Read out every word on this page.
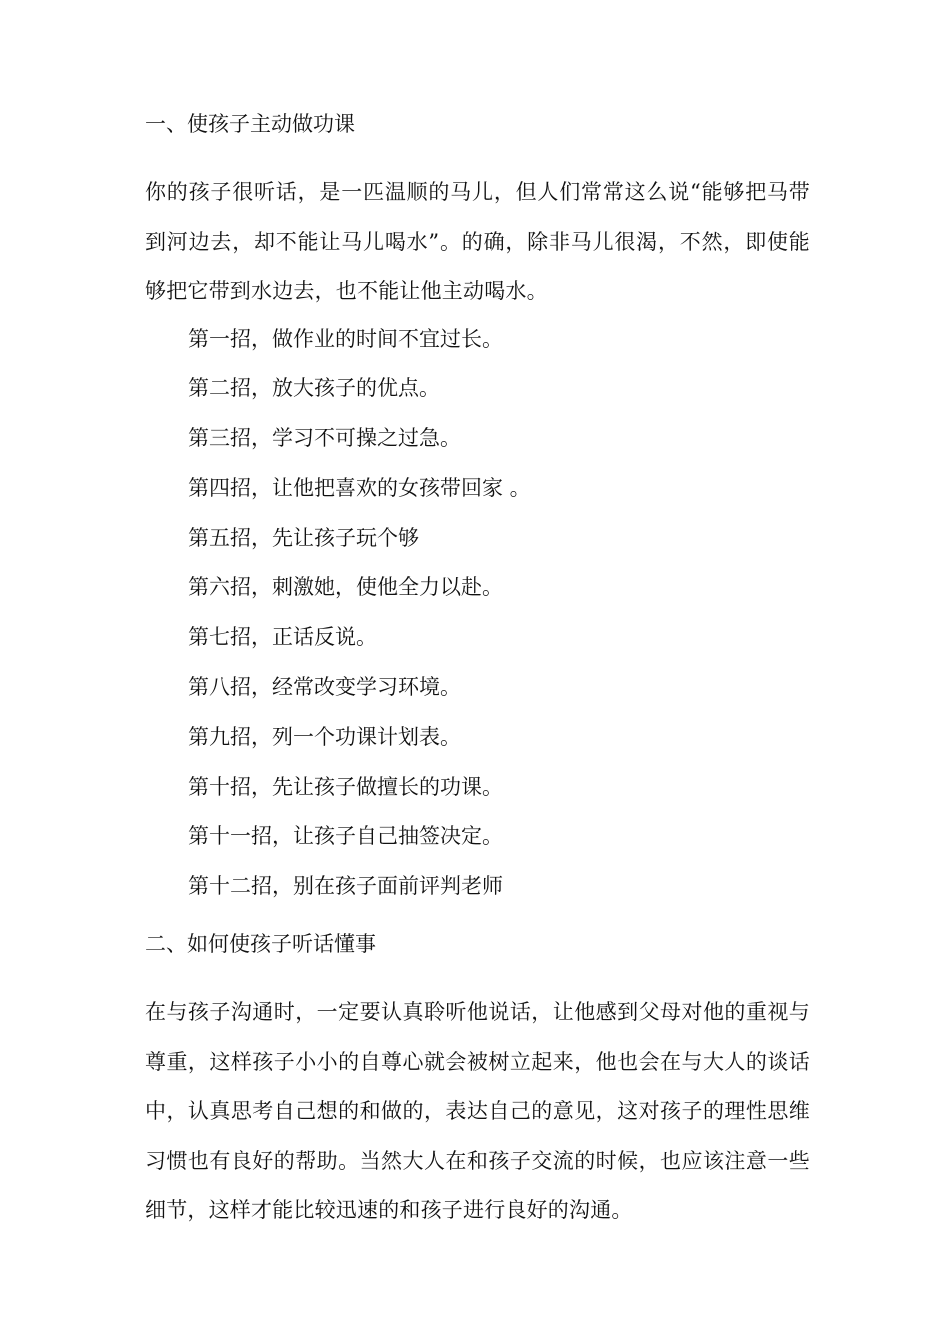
一、使孩子主动做功课
你的孩子很听话，是一匹温顺的马儿，但人们常常这么说“能够把马带到河边去，却不能让马儿喝水”。的确，除非马儿很渴，不然，即使能够把它带到水边去，也不能让他主动喝水。
第一招，做作业的时间不宜过长。
第二招，放大孩子的优点。
第三招，学习不可操之过急。
第四招，让他把喜欢的女孩带回家 。
第五招，先让孩子玩个够
第六招，刺激她，使他全力以赴。
第七招，正话反说。
第八招，经常改变学习环境。
第九招，列一个功课计划表。
第十招，先让孩子做擅长的功课。
第十一招，让孩子自己抽签决定。
第十二招，别在孩子面前评判老师
二、如何使孩子听话懂事
在与孩子沟通时，一定要认真聆听他说话，让他感到父母对他的重视与尊重，这样孩子小小的自尊心就会被树立起来，他也会在与大人的谈话中，认真思考自己想的和做的，表达自己的意见，这对孩子的理性思维习惯也有良好的帮助。当然大人在和孩子交流的时候，也应该注意一些细节，这样才能比较迅速的和孩子进行良好的沟通。
